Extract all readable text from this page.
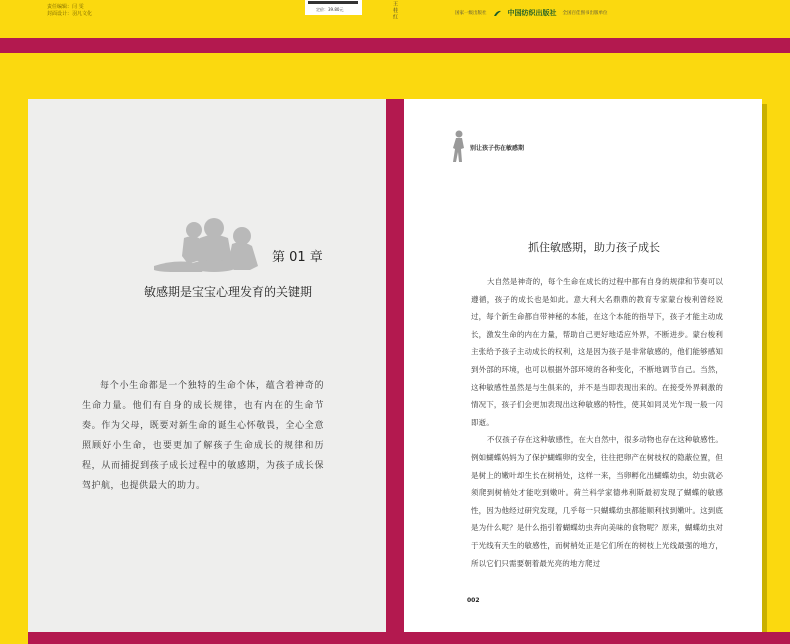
责任编辑：闫 雯
封面设计：羽凡文化
定价：39.80元	王 桂 红	国家一级出版社	中国纺织出版社 全国百佳图书出版单位
第 01 章
敏感期是宝宝心理发育的关键期

每个小生命都是一个独特的生命个体，蕴含着神奇的生命力量。他们有自身的成长规律，也有内在的生命节奏。作为父母，既要对新生命的诞生心怀敬畏，全心全意照顾好小生命，也要更加了解孩子生命成长的规律和历程，从而捕捉到孩子成长过程中的敏感期，为孩子成长保驾护航，也提供最大的助力。

别让孩子伤在敏感期
抓住敏感期，助力孩子成长

大自然是神奇的，每个生命在成长的过程中都有自身的规律和节奏可以遵循，孩子的成长也是如此。意大利大名鼎鼎的教育专家蒙台梭利曾经说过，每个新生命都自带神秘的本能，在这个本能的指导下，孩子才能主动成长，激发生命的内在力量，帮助自己更好地适应外界，不断进步。蒙台梭利主张给予孩子主动成长的权利，这是因为孩子是非常敏感的，他们能够感知到外部的环境，也可以根据外部环境的各种变化，不断地调节自己。当然，这种敏感性虽然是与生俱来的，并不是当即表现出来的。在接受外界刺激的情况下，孩子们会更加表现出这种敏感的特性，使其如同灵光乍现一般一闪即逝。

不仅孩子存在这种敏感性，在大自然中，很多动物也存在这种敏感性。例如蝴蝶妈妈为了保护蝴蝶卵的安全，往往把卵产在树枝权的隐蔽位置，但是树上的嫩叶却生长在树梢处，这样一来，当卵孵化出蝴蝶幼虫，幼虫就必须爬到树梢处才能吃到嫩叶。荷兰科学家德弗利斯最初发现了蝴蝶的敏感性，因为他经过研究发现，几乎每一只蝴蝶幼虫都能顺利找到嫩叶。这到底是为什么呢？是什么指引着蝴蝶幼虫奔向美味的食物呢？原来，蝴蝶幼虫对于光线有天生的敏感性，而树梢处正是它们所在的树枝上光线最强的地方，所以它们只需要朝着最光亮的地方爬过

002
